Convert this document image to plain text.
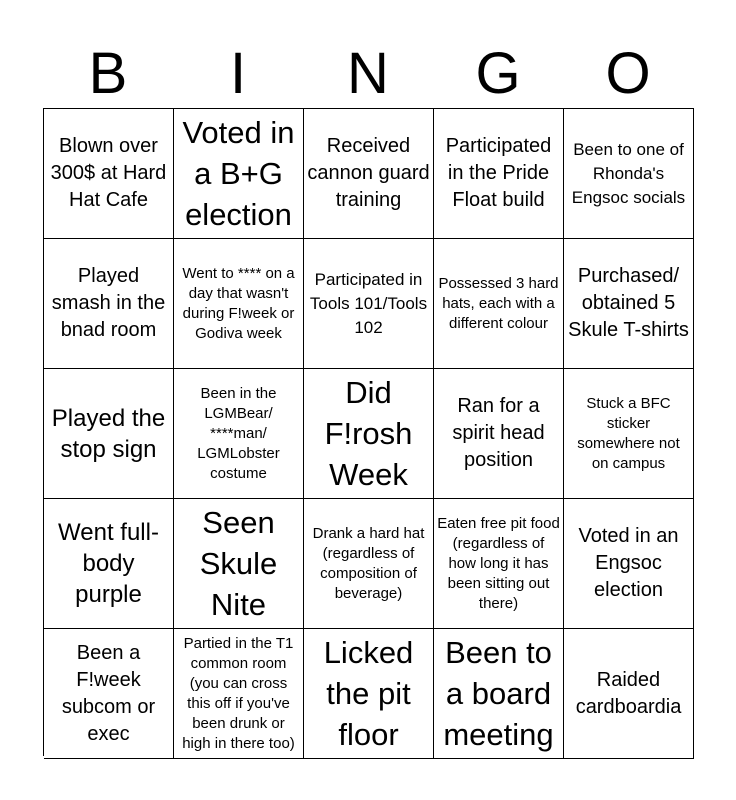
B	I	N	G	O
Blown over 300$ at Hard Hat Cafe
Voted in a B+G election
Received cannon guard training
Participated in the Pride Float build
Been to one of Rhonda's Engsoc socials
Played smash in the bnad room
Went to **** on a day that wasn't during F!week or Godiva week
Participated in Tools 101/Tools 102
Possessed 3 hard hats, each with a different colour
Purchased/ obtained 5 Skule T-shirts
Played the stop sign
Been in the LGMBear/ ****man/ LGMLobster costume
Did F!rosh Week
Ran for a spirit head position
Stuck a BFC sticker somewhere not on campus
Went full-body purple
Seen Skule Nite
Drank a hard hat (regardless of composition of beverage)
Eaten free pit food (regardless of how long it has been sitting out there)
Voted in an Engsoc election
Been a F!week subcom or exec
Partied in the T1 common room (you can cross this off if you've been drunk or high in there too)
Licked the pit floor
Been to a board meeting
Raided cardboardia
